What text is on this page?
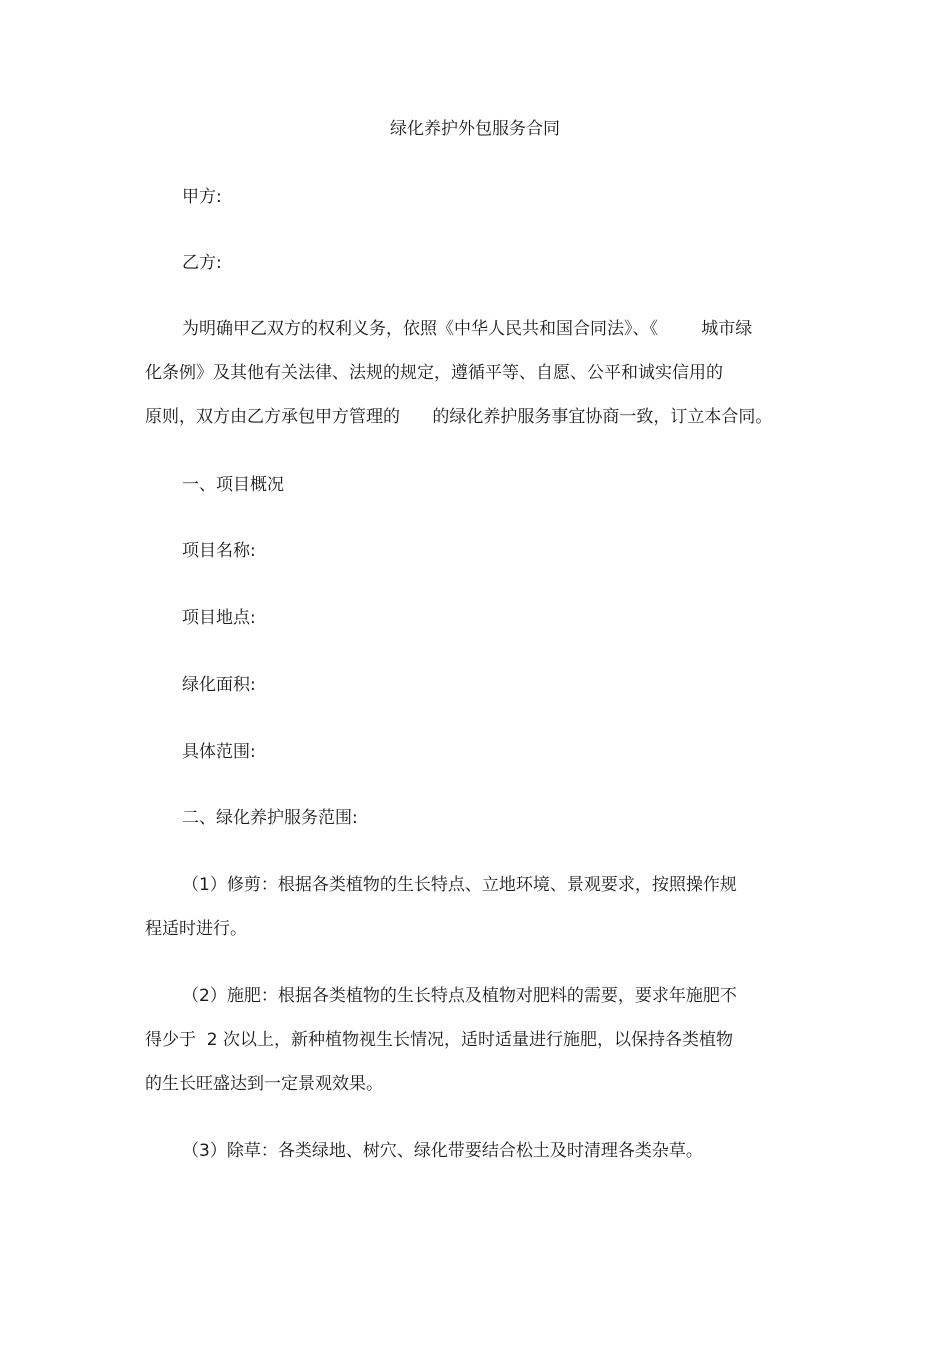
绿化养护外包服务合同

甲方:

乙方:

为明确甲乙双方的权利义务，依照《中华人民共和国合同法》、《        城市绿

化条例》及其他有关法律、法规的规定，遵循平等、自愿、公平和诚实信用的

原则，双方由乙方承包甲方管理的      的绿化养护服务事宜协商一致，订立本合同。

一、项目概况

项目名称:

项目地点:

绿化面积:

具体范围:

二、绿化养护服务范围:

（1）修剪：根据各类植物的生长特点、立地环境、景观要求，按照操作规

程适时进行。

（2）施肥：根据各类植物的生长特点及植物对肥料的需要，要求年施肥不

得少于  2 次以上，新种植物视生长情况，适时适量进行施肥，以保持各类植物

的生长旺盛达到一定景观效果。

（3）除草：各类绿地、树穴、绿化带要结合松土及时清理各类杂草。
